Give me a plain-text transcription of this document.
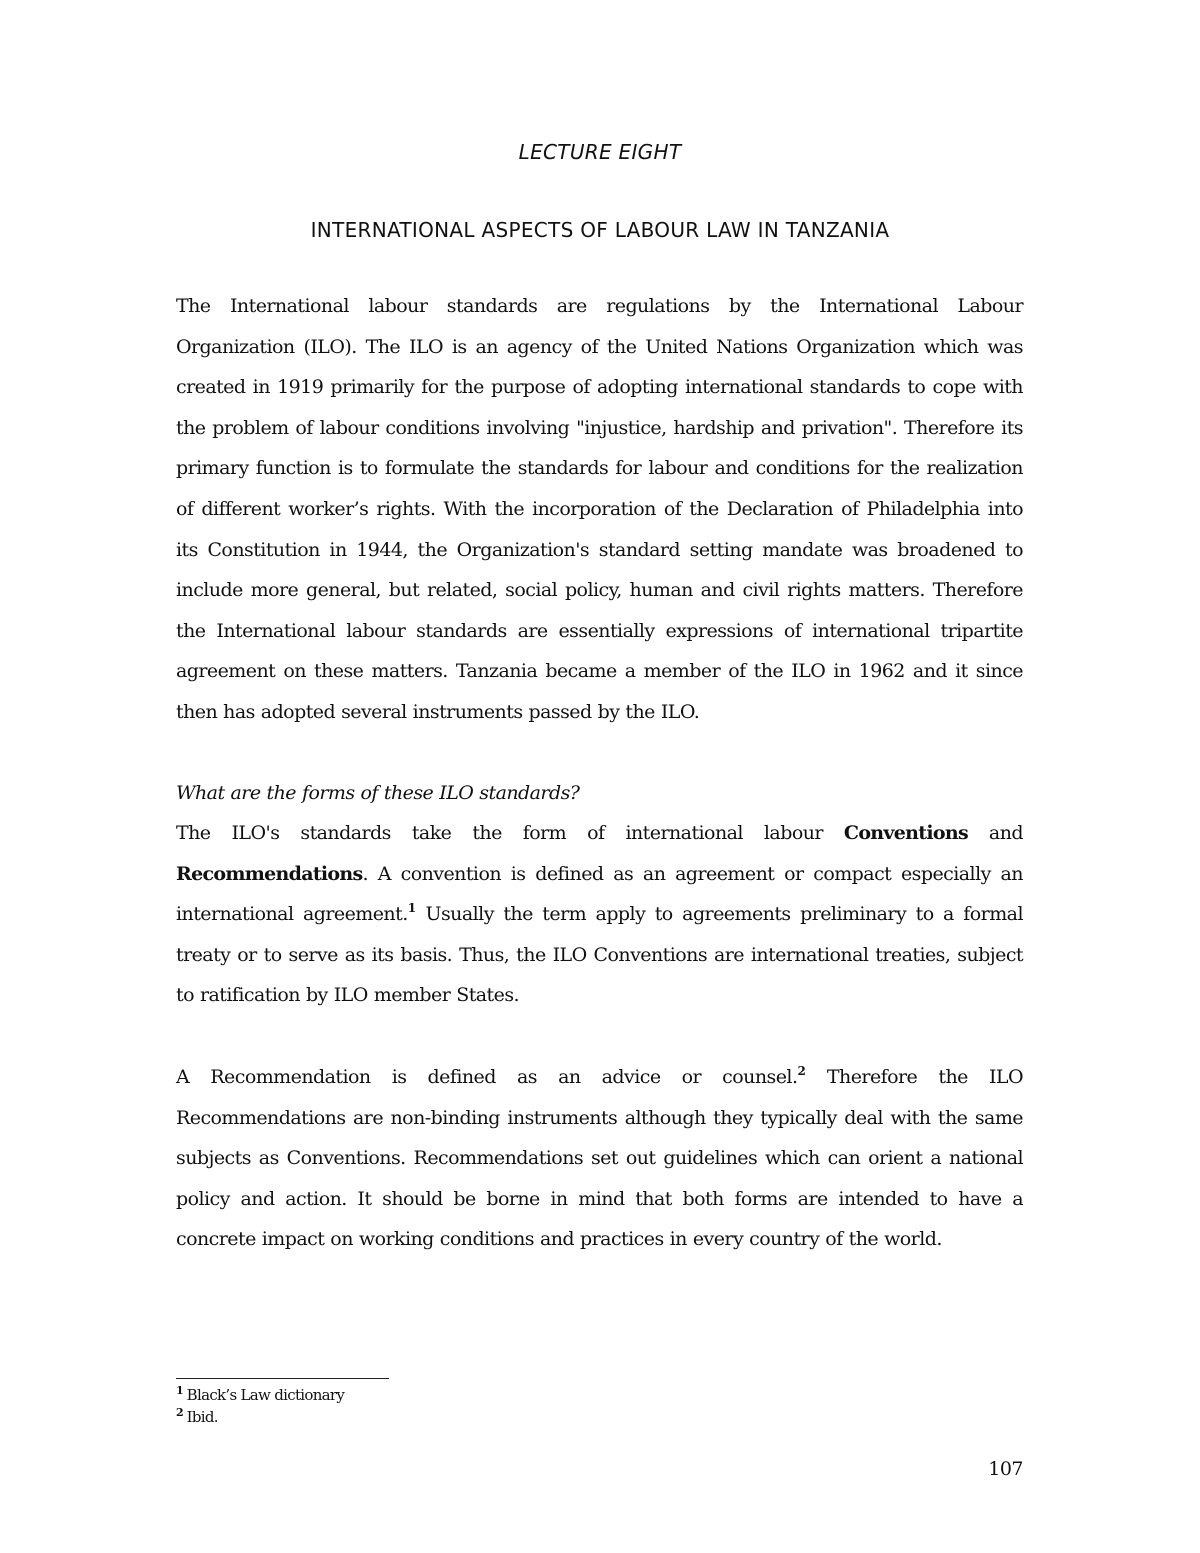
LECTURE EIGHT
INTERNATIONAL ASPECTS OF LABOUR LAW IN TANZANIA

The International labour standards are regulations by the International Labour Organization (ILO). The ILO is an agency of the United Nations Organization which was created in 1919 primarily for the purpose of adopting international standards to cope with the problem of labour conditions involving "injustice, hardship and privation". Therefore its primary function is to formulate the standards for labour and conditions for the realization of different worker’s rights. With the incorporation of the Declaration of Philadelphia into its Constitution in 1944, the Organization's standard setting mandate was broadened to include more general, but related, social policy, human and civil rights matters. Therefore the International labour standards are essentially expressions of international tripartite agreement on these matters. Tanzania became a member of the ILO in 1962 and it since then has adopted several instruments passed by the ILO.

What are the forms of these ILO standards?

The ILO's standards take the form of international labour Conventions and Recommendations. A convention is defined as an agreement or compact especially an international agreement.$^1$ Usually the term apply to agreements preliminary to a formal treaty or to serve as its basis. Thus, the ILO Conventions are international treaties, subject to ratification by ILO member States.

A Recommendation is defined as an advice or counsel.$^2$ Therefore the ILO Recommendations are non-binding instruments although they typically deal with the same subjects as Conventions. Recommendations set out guidelines which can orient a national policy and action. It should be borne in mind that both forms are intended to have a concrete impact on working conditions and practices in every country of the world.

$^1$ Black’s Law dictionary
$^2$ Ibid.
107
